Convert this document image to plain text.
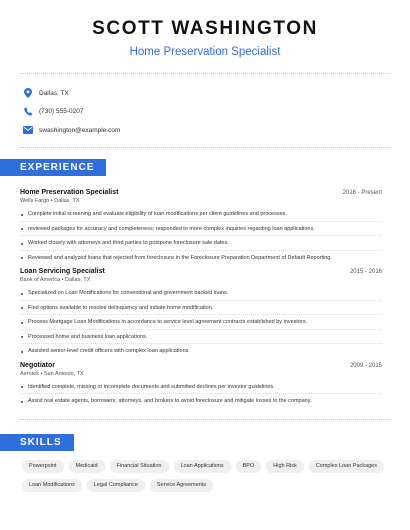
SCOTT WASHINGTON
Home Preservation Specialist
Dallas, TX
(730) 555-0207
swashington@example.com
EXPERIENCE
Home Preservation Specialist	2016 - Present
Wells Fargo • Dallas, TX
Complete initial screening and evaluate eligibility of loan modifications per client guidelines and processes.
reviewed packages for accuracy and completeness; responded to more complex inquiries regarding loan applications.
Worked closely with attorneys and third parties to postpone foreclosure sale dates.
Reviewed and analyzed loans that rejected from foreclosure in the Foreclosure Preparation Department of Default Reporting.
Loan Servicing Specialist	2015 - 2016
Bank of America • Dallas, TX
Specialized on Loan Modifications for conventional and government backed loans.
Find options available to resolve delinquency and initiate home modification.
Process Mortgage Loan Modifications in accordance to service level agreement contracts established by investors.
Processed home and business loan applications.
Assisted senior-level credit officers with complex loan applications.
Negotiator	2009 - 2015
Aerotek • San Antonio, TX
Identified complete, missing or incomplete documents and submitted declines per investor guidelines.
Assist real estate agents, borrowers, attorneys, and brokers to avoid foreclosure and mitigate losses to the company.
SKILLS
Powerpoint	Medicaid	Financial Situation	Loan Applications	BPO	High Risk	Complex Loan Packages
Loan Modifications	Legal Compliance	Service Agreements
